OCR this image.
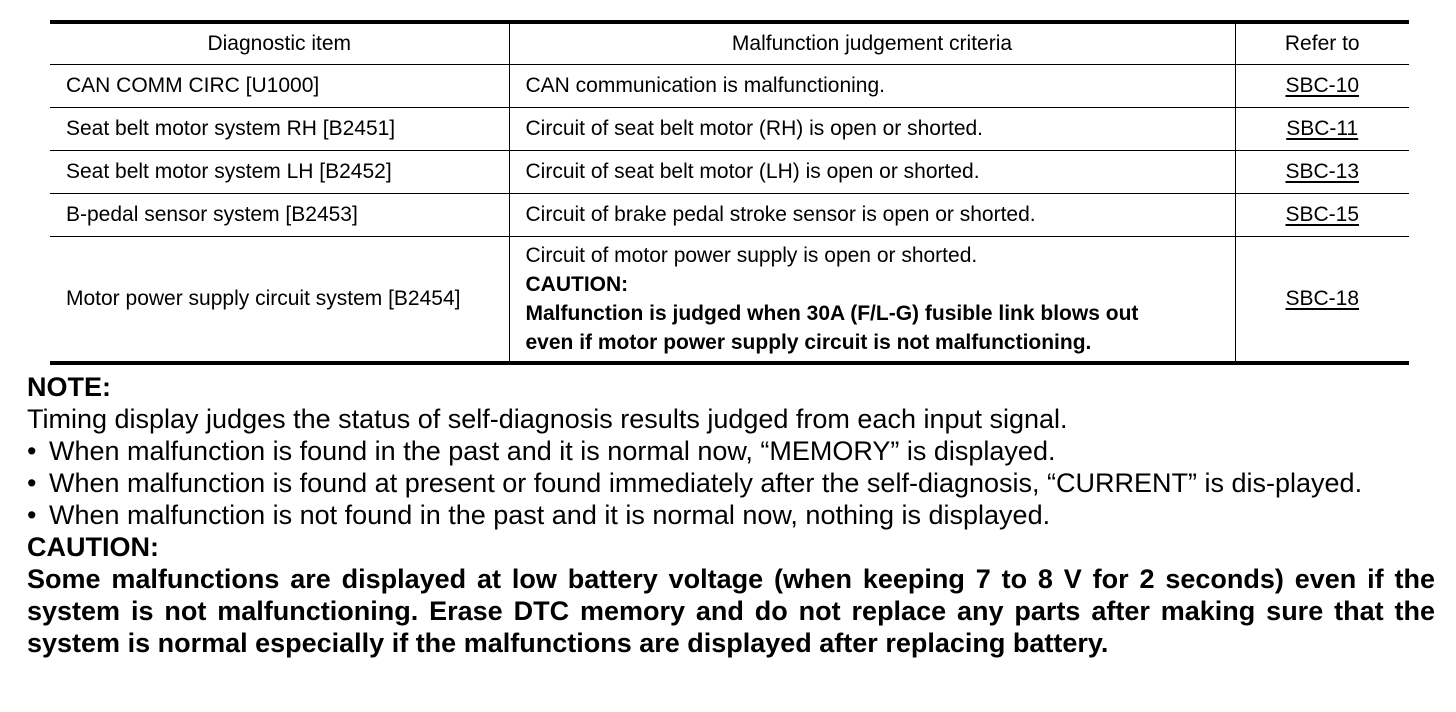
Diagnostic item	Malfunction judgement criteria	Refer to
CAN COMM CIRC [U1000]	CAN communication is malfunctioning.	SBC-10
Seat belt motor system RH [B2451]	Circuit of seat belt motor (RH) is open or shorted.	SBC-11
Seat belt motor system LH [B2452]	Circuit of seat belt motor (LH) is open or shorted.	SBC-13
B-pedal sensor system [B2453]	Circuit of brake pedal stroke sensor is open or shorted.	SBC-15
Motor power supply circuit system [B2454]	Circuit of motor power supply is open or shorted.
CAUTION:
Malfunction is judged when 30A (F/L-G) fusible link blows out
even if motor power supply circuit is not malfunctioning.	SBC-18
NOTE:
Timing display judges the status of self-diagnosis results judged from each input signal.
• When malfunction is found in the past and it is normal now, “MEMORY” is displayed.
• When malfunction is found at present or found immediately after the self-diagnosis, “CURRENT” is dis-played.
• When malfunction is not found in the past and it is normal now, nothing is displayed.
CAUTION:
Some malfunctions are displayed at low battery voltage (when keeping 7 to 8 V for 2 seconds) even if the system is not malfunctioning. Erase DTC memory and do not replace any parts after making sure that the system is normal especially if the malfunctions are displayed after replacing battery.
